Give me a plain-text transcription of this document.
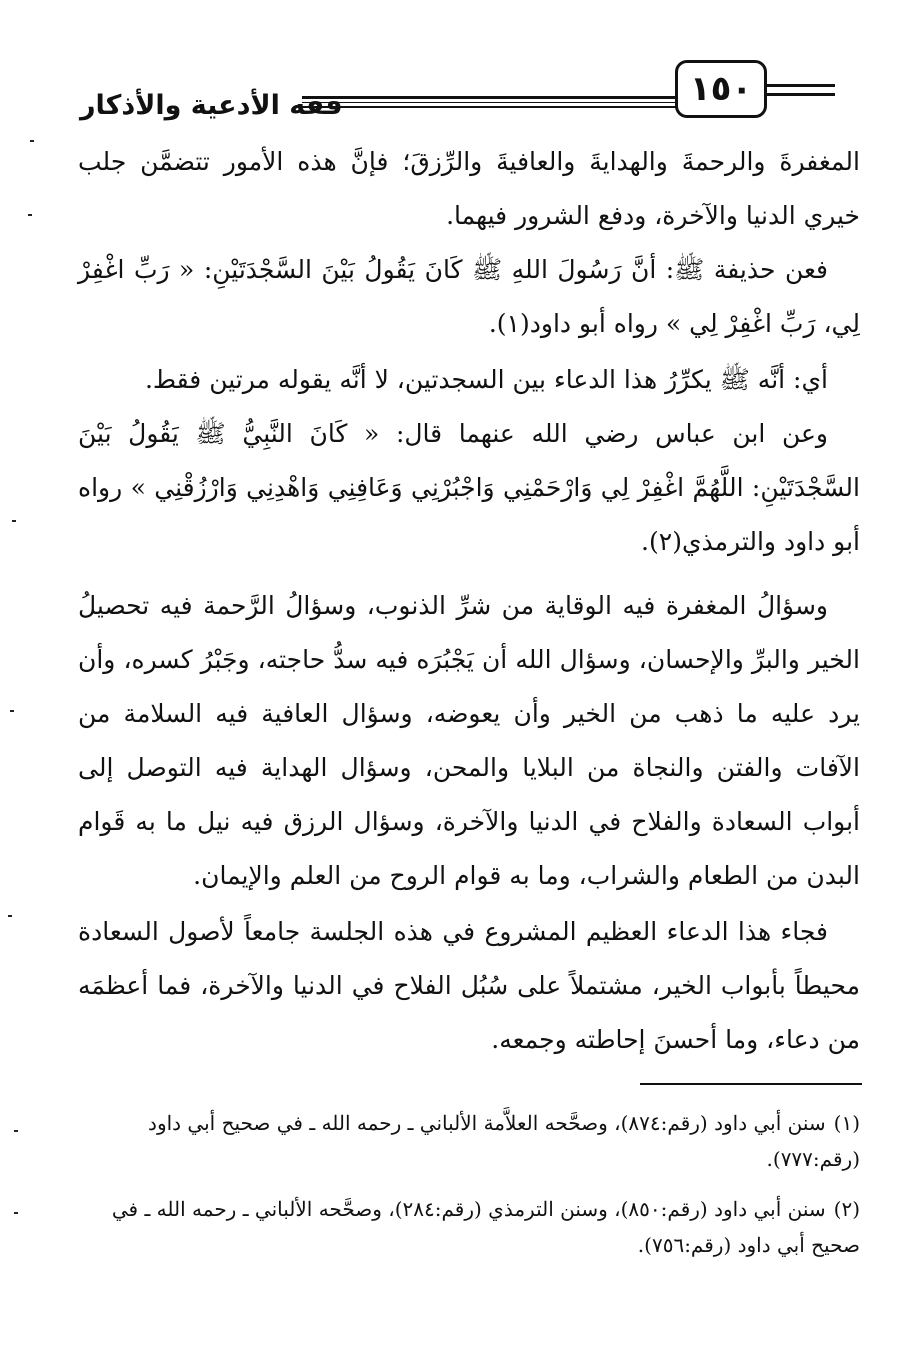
فقه الأدعية والأذكار	١٥٠

المغفرةَ والرحمةَ والهدايةَ والعافيةَ والرِّزقَ؛ فإنَّ هذه الأمور تتضمَّن جلب خيري الدنيا والآخرة، ودفع الشرور فيهما.

فعن حذيفة ﷺ: أنَّ رَسُولَ اللهِ ﷺ كَانَ يَقُولُ بَيْنَ السَّجْدَتَيْنِ: « رَبِّ اغْفِرْ لِي، رَبِّ اغْفِرْ لِي » رواه أبو داود(١).

أي: أنَّه ﷺ يكرِّرُ هذا الدعاء بين السجدتين، لا أنَّه يقوله مرتين فقط.

وعن ابن عباس رضي الله عنهما قال: « كَانَ النَّبِيُّ ﷺ يَقُولُ بَيْنَ السَّجْدَتَيْنِ: اللَّهُمَّ اغْفِرْ لِي وَارْحَمْنِي وَاجْبُرْنِي وَعَافِنِي وَاهْدِنِي وَارْزُقْنِي » رواه أبو داود والترمذي(٢).

وسؤالُ المغفرة فيه الوقاية من شرِّ الذنوب، وسؤالُ الرَّحمة فيه تحصيلُ الخير والبرِّ والإحسان، وسؤال الله أن يَجْبُرَه فيه سدُّ حاجته، وجَبْرُ كسره، وأن يرد عليه ما ذهب من الخير وأن يعوضه، وسؤال العافية فيه السلامة من الآفات والفتن والنجاة من البلايا والمحن، وسؤال الهداية فيه التوصل إلى أبواب السعادة والفلاح في الدنيا والآخرة، وسؤال الرزق فيه نيل ما به قَوام البدن من الطعام والشراب، وما به قوام الروح من العلم والإيمان.

فجاء هذا الدعاء العظيم المشروع في هذه الجلسة جامعاً لأصول السعادة محيطاً بأبواب الخير، مشتملاً على سُبُل الفلاح في الدنيا والآخرة، فما أعظمَه من دعاء، وما أحسنَ إحاطته وجمعه.

(١)سنن أبي داود (رقم:٨٧٤)، وصحَّحه العلاَّمة الألباني ـ رحمه الله ـ في صحيح أبي داود (رقم:٧٧٧).

(٢)سنن أبي داود (رقم:٨٥٠)، وسنن الترمذي (رقم:٢٨٤)، وصحَّحه الألباني ـ رحمه الله ـ في صحيح أبي داود (رقم:٧٥٦).
